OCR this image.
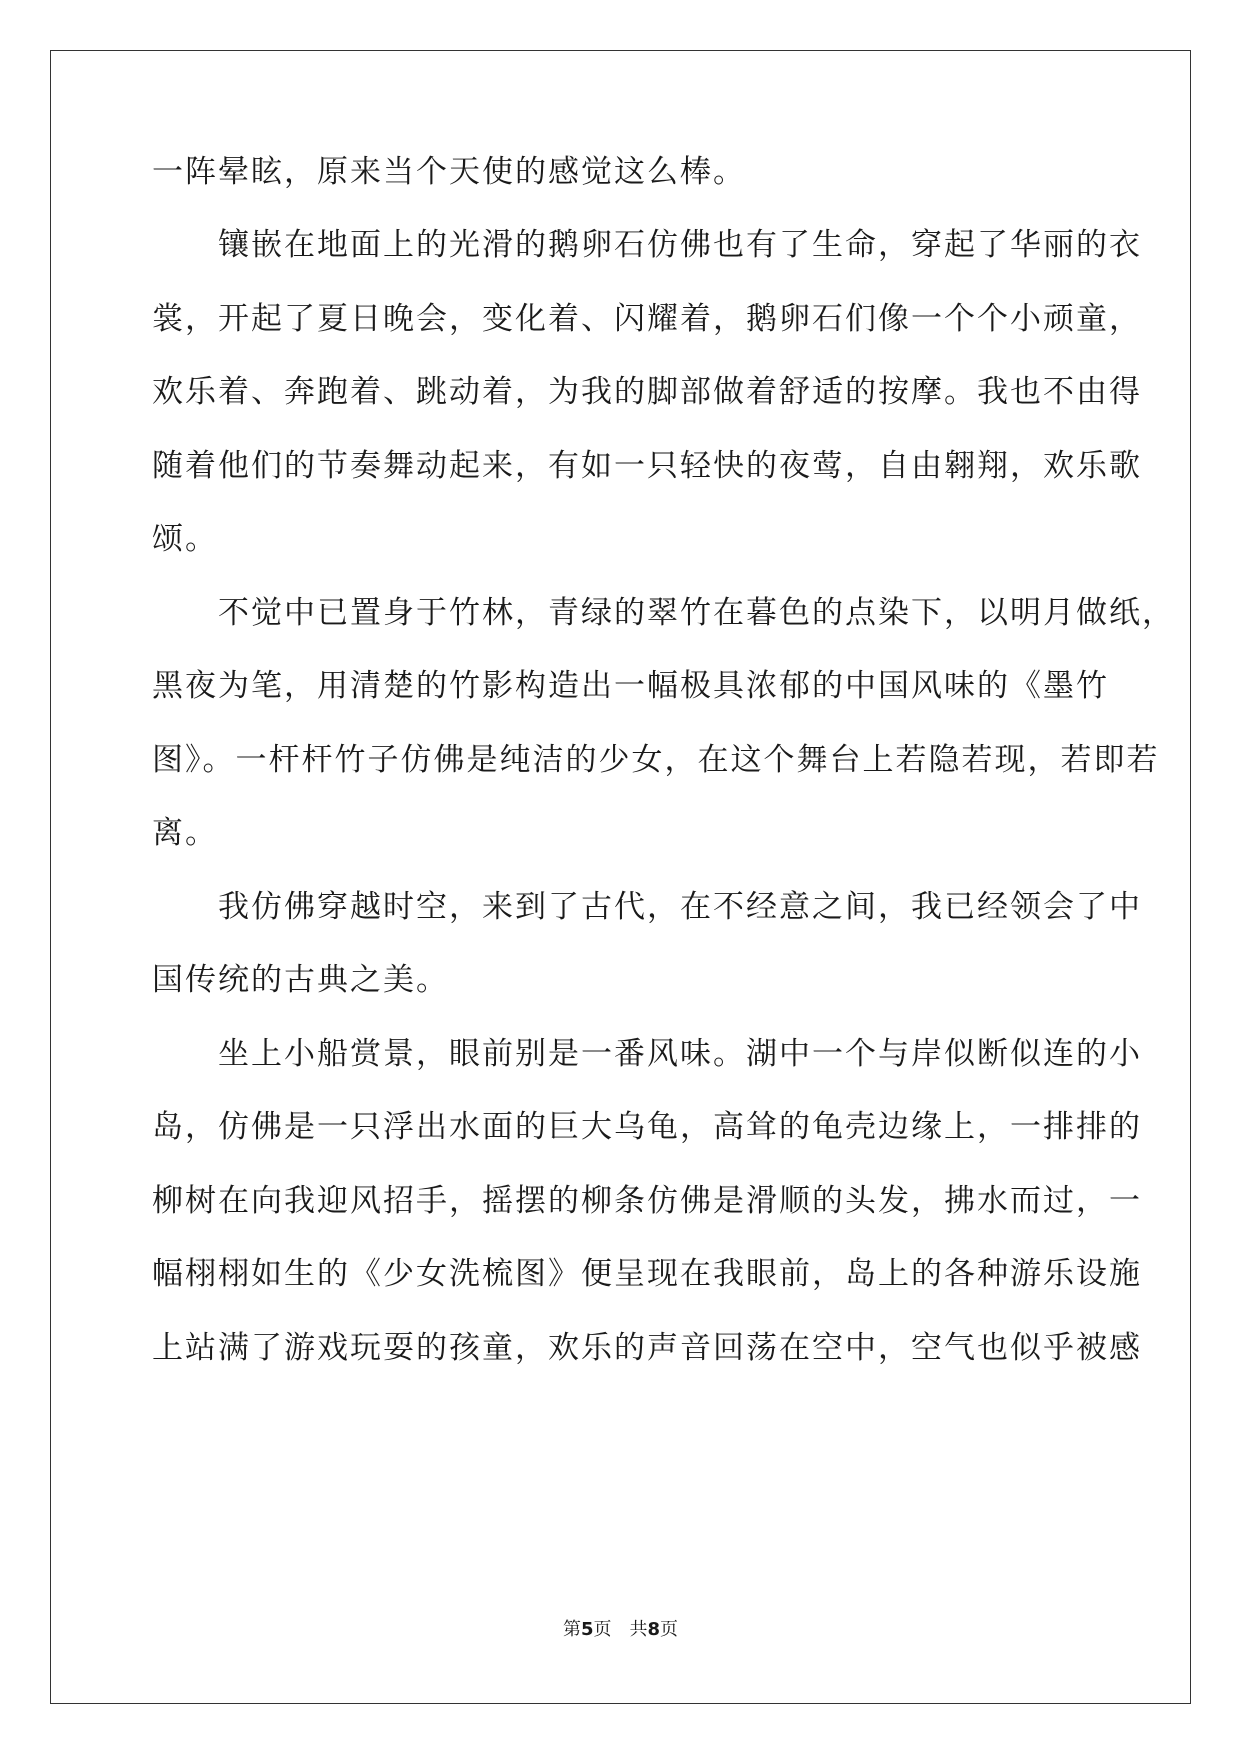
一阵晕眩，原来当个天使的感觉这么棒。
　　镶嵌在地面上的光滑的鹅卵石仿佛也有了生命，穿起了华丽的衣
裳，开起了夏日晚会，变化着、闪耀着，鹅卵石们像一个个小顽童，
欢乐着、奔跑着、跳动着，为我的脚部做着舒适的按摩。我也不由得
随着他们的节奏舞动起来，有如一只轻快的夜莺，自由翱翔，欢乐歌
颂。
　　不觉中已置身于竹林，青绿的翠竹在暮色的点染下，以明月做纸，
黑夜为笔，用清楚的竹影构造出一幅极具浓郁的中国风味的《墨竹
图》。一杆杆竹子仿佛是纯洁的少女，在这个舞台上若隐若现，若即若
离。
　　我仿佛穿越时空，来到了古代，在不经意之间，我已经领会了中
国传统的古典之美。
　　坐上小船赏景，眼前别是一番风味。湖中一个与岸似断似连的小
岛，仿佛是一只浮出水面的巨大乌龟，高耸的龟壳边缘上，一排排的
柳树在向我迎风招手，摇摆的柳条仿佛是滑顺的头发，拂水而过，一
幅栩栩如生的《少女洗梳图》便呈现在我眼前，岛上的各种游乐设施
上站满了游戏玩耍的孩童，欢乐的声音回荡在空中，空气也似乎被感
第5页 共8页
